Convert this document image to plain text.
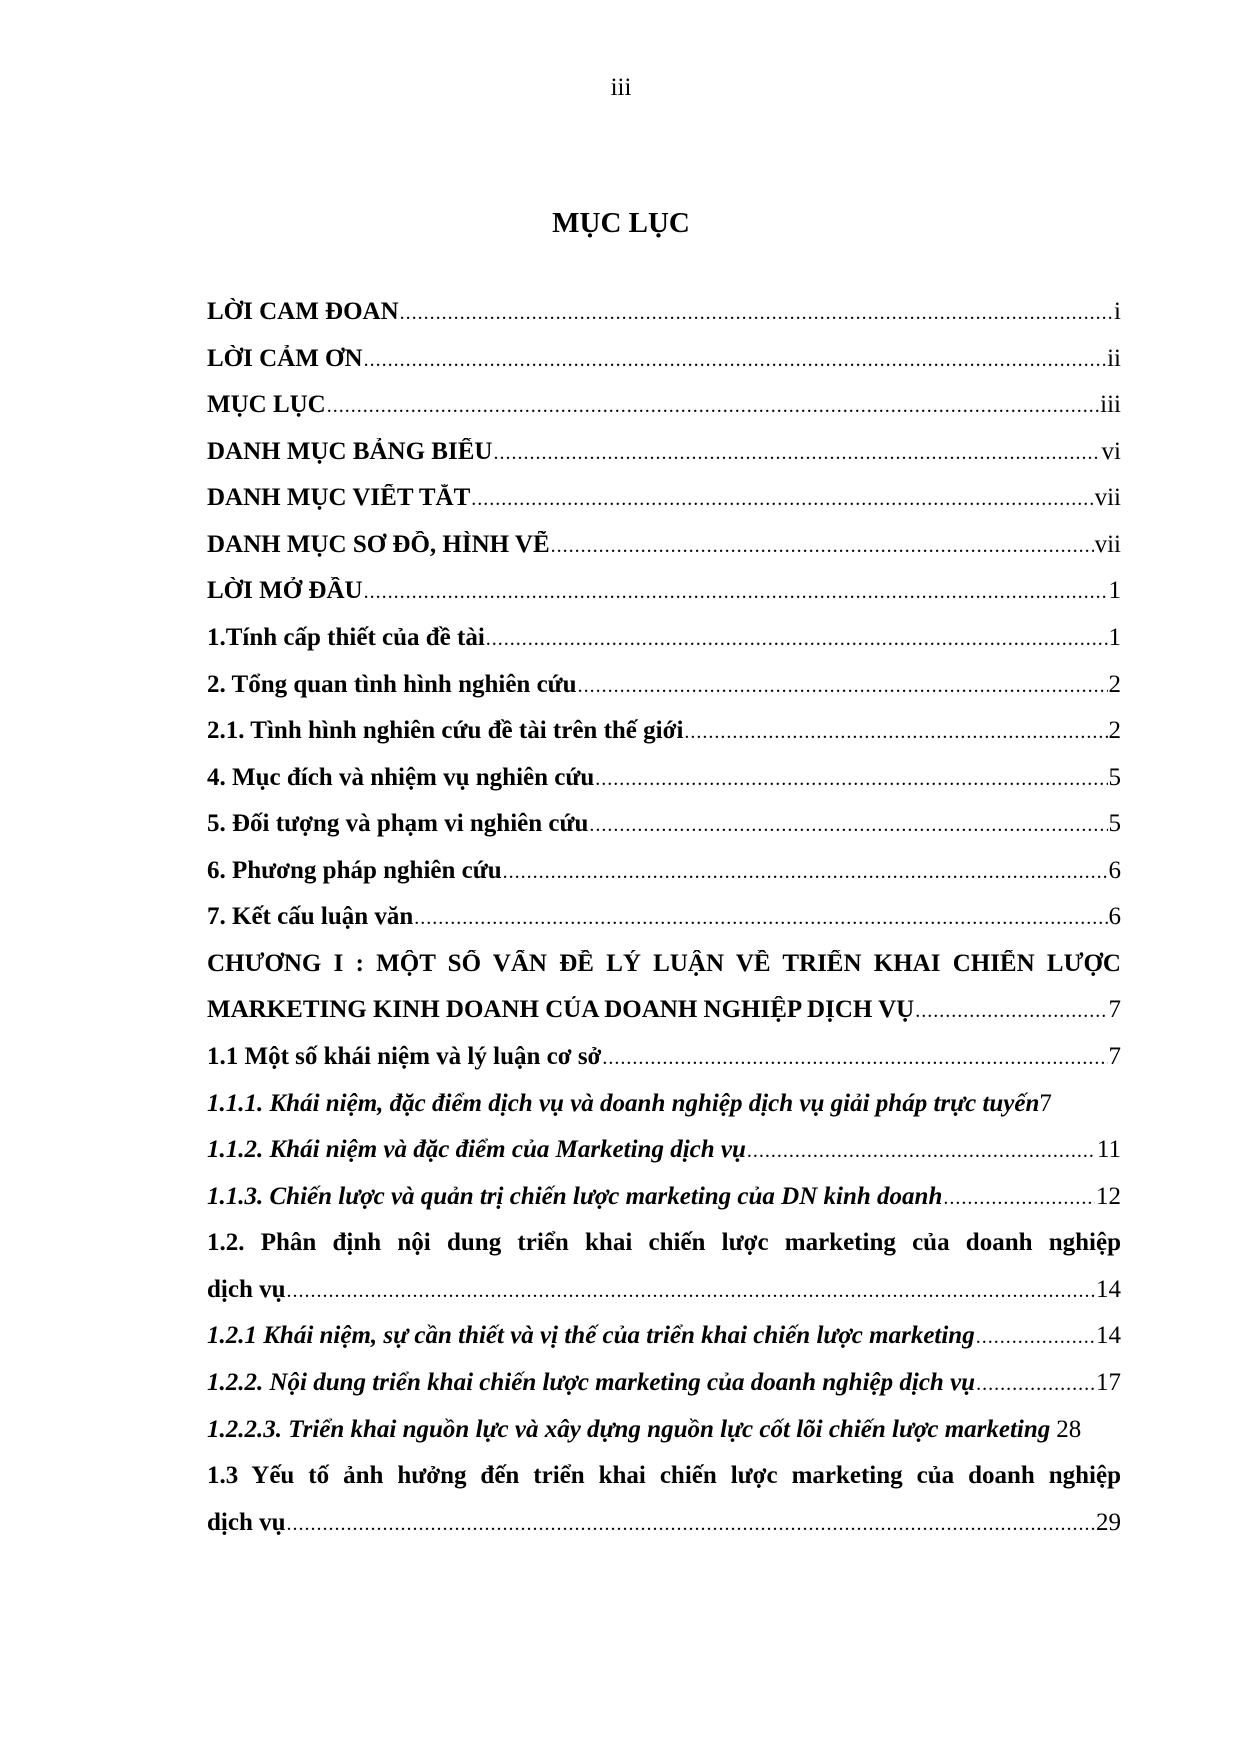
iii
MỤC LỤC
LỜI CAM ĐOAN .....	i
LỜI CẢM ƠN .....	ii
MỤC LỤC .....	iii
DANH MỤC BẢNG BIỂU .....	vi
DANH MỤC VIẾT TẮT .....	vii
DANH MỤC SƠ ĐỒ, HÌNH VẼ .....	vii
LỜI MỞ ĐẦU .....	1
1.Tính cấp thiết của đề tài .....	1
2. Tổng quan tình hình nghiên cứu .....	2
2.1. Tình hình nghiên cứu đề tài trên thế giới .....	2
4. Mục đích và nhiệm vụ nghiên cứu .....	5
5. Đối tượng và phạm vi nghiên cứu .....	5
6. Phương pháp nghiên cứu .....	6
7. Kết cấu luận văn .....	6
CHƯƠNG I : MỘT SỐ VẤN ĐỀ LÝ LUẬN VỀ TRIỂN KHAI CHIẾN LƯỢC
MARKETING KINH DOANH CỦA DOANH NGHIỆP DỊCH VỤ .....	7
1.1 Một số khái niệm và lý luận cơ sở .....	7
1.1.1. Khái niệm, đặc điểm dịch vụ và doanh nghiệp dịch vụ giải pháp trực tuyến 7
1.1.2. Khái niệm và đặc điểm của Marketing dịch vụ .....	11
1.1.3. Chiến lược và quản trị chiến lược marketing của DN kinh doanh .....	12
1.2. Phân định nội dung triển khai chiến lược marketing của doanh nghiệp
dịch vụ .....	14
1.2.1 Khái niệm, sự cần thiết và vị thế của triển khai chiến lược marketing .....	14
1.2.2. Nội dung triển khai chiến lược marketing của doanh nghiệp dịch vụ .....	17
1.2.2.3. Triển khai nguồn lực và xây dựng nguồn lực cốt lõi chiến lược marketing 28
1.3 Yếu tố ảnh hưởng đến triển khai chiến lược marketing của doanh nghiệp
dịch vụ .....	29
